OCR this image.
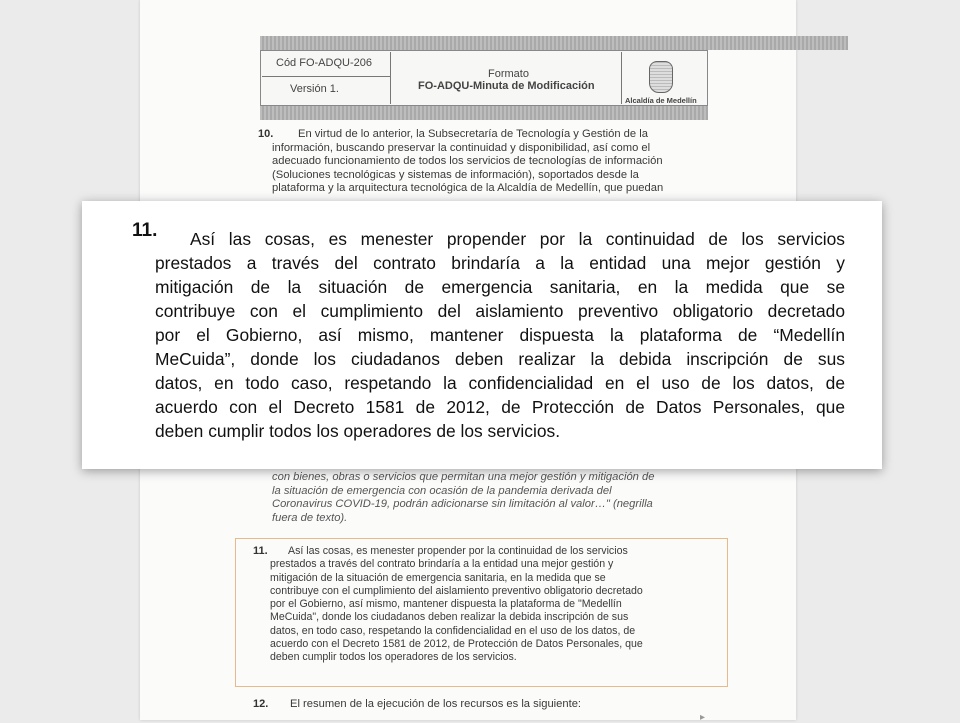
Cód FO-ADQU-206
Versión 1.
Formato
FO-ADQU-Minuta de Modificación
Alcaldía de Medellín
10.	En virtud de lo anterior, la Subsecretaría de Tecnología y Gestión de la
información, buscando preservar la continuidad y disponibilidad, así como el
adecuado funcionamiento de todos los servicios de tecnologías de información
(Soluciones tecnológicas y sistemas de información), soportados desde la
plataforma y la arquitectura tecnológica de la Alcaldía de Medellín, que puedan
con bienes, obras o servicios que permitan una mejor gestión y mitigación de
la situación de emergencia con ocasión de la pandemia derivada del
Coronavirus COVID-19, podrán adicionarse sin limitación al valor…" (negrilla
fuera de texto).
11.	Así las cosas, es menester propender por la continuidad de los servicios
prestados a través del contrato brindaría a la entidad una mejor gestión y
mitigación de la situación de emergencia sanitaria, en la medida que se
contribuye con el cumplimiento del aislamiento preventivo obligatorio decretado
por el Gobierno, así mismo, mantener dispuesta la plataforma de "Medellín
MeCuida", donde los ciudadanos deben realizar la debida inscripción de sus
datos, en todo caso, respetando la confidencialidad en el uso de los datos, de
acuerdo con el Decreto 1581 de 2012, de Protección de Datos Personales, que
deben cumplir todos los operadores de los servicios.
12. El resumen de la ejecución de los recursos es la siguiente:
▸
11. Así las cosas, es menester propender por la continuidad de los servicios
prestados a través del contrato brindaría a la entidad una mejor gestión y
mitigación de la situación de emergencia sanitaria, en la medida que se
contribuye con el cumplimiento del aislamiento preventivo obligatorio decretado
por el Gobierno, así mismo, mantener dispuesta la plataforma de “Medellín
MeCuida”, donde los ciudadanos deben realizar la debida inscripción de sus
datos, en todo caso, respetando la confidencialidad en el uso de los datos, de
acuerdo con el Decreto 1581 de 2012, de Protección de Datos Personales, que
deben cumplir todos los operadores de los servicios.
